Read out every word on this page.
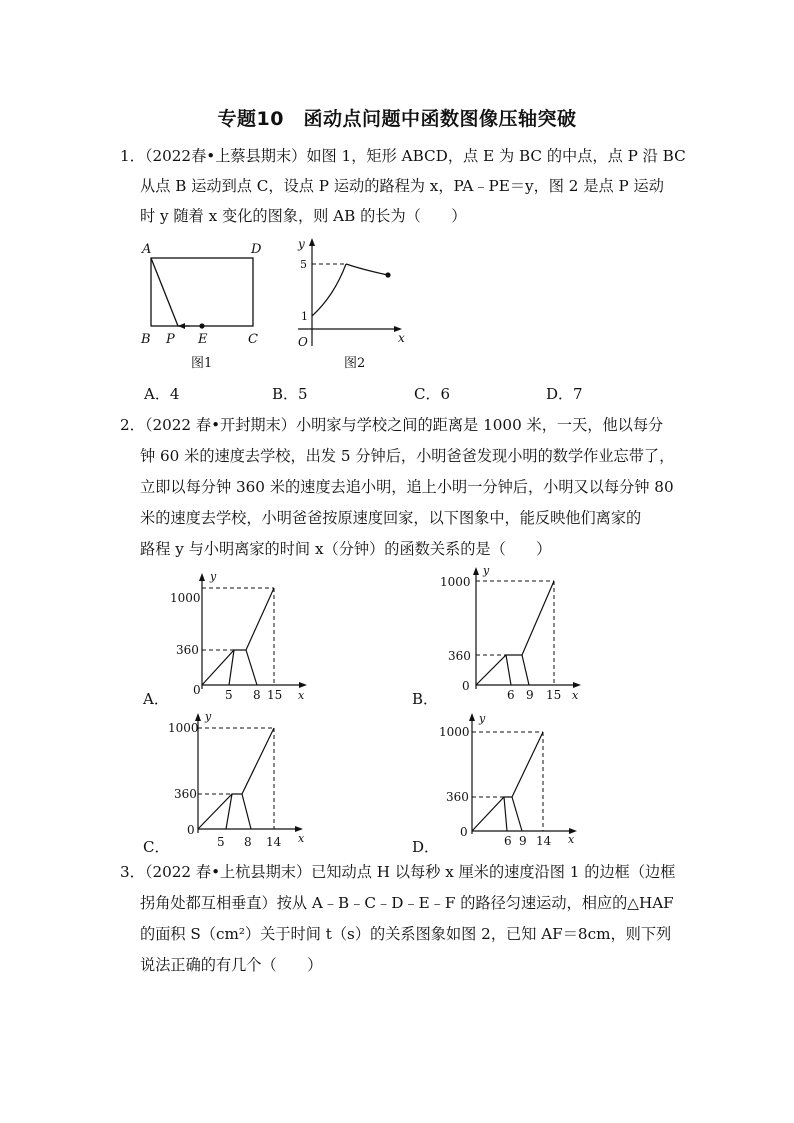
专题10　函动点问题中函数图像压轴突破
1．（2022春•上蔡县期末）如图 1，矩形 ABCD，点 E 为 BC 的中点，点 P 沿 BC
从点 B 运动到点 C，设点 P 运动的路程为 x，PA﹣PE＝y，图 2 是点 P 运动
时 y 随着 x 变化的图象，则 AB 的长为（　　）
A	D
B P E	C
图1
y
x
O
5
1
图2
A．4	B．5	C．6	D．7
2．（2022 春•开封期末）小明家与学校之间的距离是 1000 米，一天，他以每分
钟 60 米的速度去学校，出发 5 分钟后，小明爸爸发现小明的数学作业忘带了，
立即以每分钟 360 米的速度去追小明，追上小明一分钟后，小明又以每分钟 80
米的速度去学校，小明爸爸按原速度回家，以下图象中，能反映他们离家的
路程 y 与小明离家的时间 x（分钟）的函数关系的是（　　）
A．
y
x
1000
360
0 5 8 15	B．
y
x
1000
360
0
6 9 15
C．
y
x
1000
360
0
5 8 14	D．
y
x
1000
360
0
6 9 14
3．（2022 春•上杭县期末）已知动点 H 以每秒 x 厘米的速度沿图 1 的边框（边框
拐角处都互相垂直）按从 A﹣B﹣C﹣D﹣E﹣F 的路径匀速运动，相应的△HAF
的面积 S（cm²）关于时间 t（s）的关系图象如图 2，已知 AF＝8cm，则下列
说法正确的有几个（　　）
